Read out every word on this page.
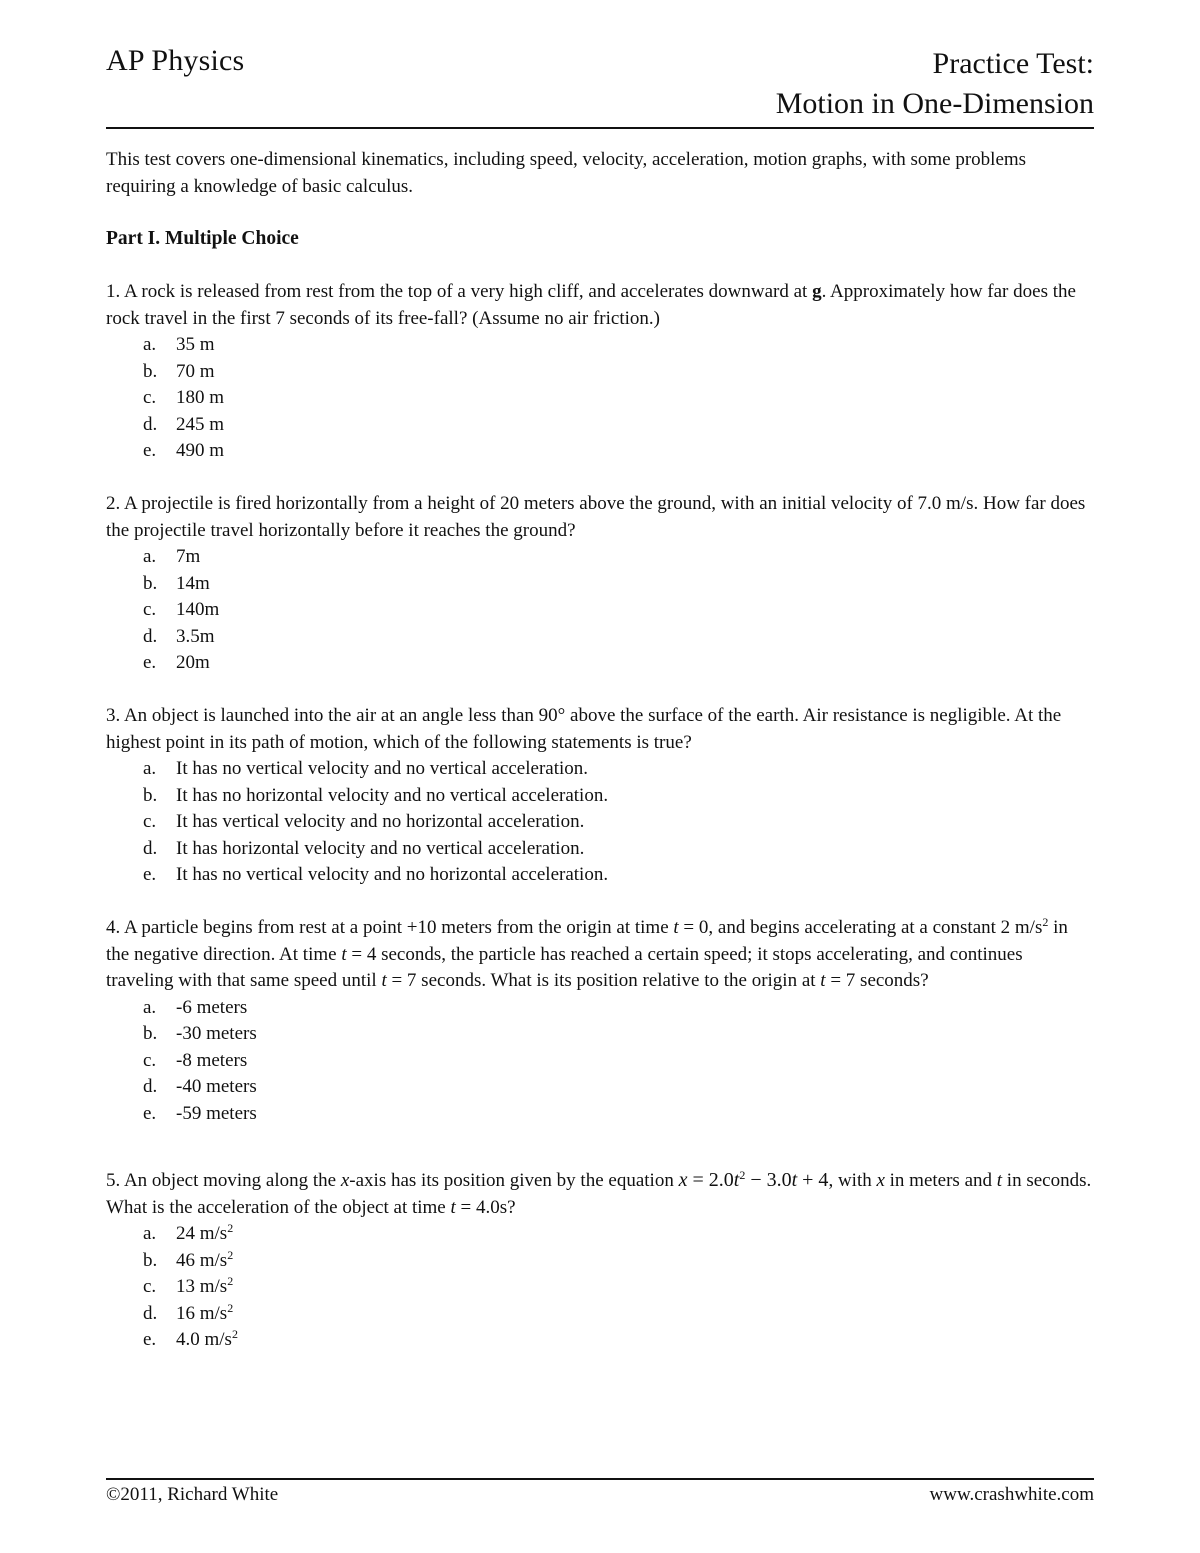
AP Physics	Practice Test:
Motion in One-Dimension

This test covers one-dimensional kinematics, including speed, velocity, acceleration, motion graphs, with some problems requiring a knowledge of basic calculus.

Part I. Multiple Choice

1. A rock is released from rest from the top of a very high cliff, and accelerates downward at g. Approximately how far does the rock travel in the first 7 seconds of its free-fall? (Assume no air friction.)

a.	35 m
b. 70 m
c.	180 m
d. 245 m
e.	490 m

2. A projectile is fired horizontally from a height of 20 meters above the ground, with an initial velocity of 7.0 m/s. How far does the projectile travel horizontally before it reaches the ground?

a.	7m
b. 14m
c.	140m
d. 3.5m
e.	20m

3. An object is launched into the air at an angle less than 90° above the surface of the earth. Air resistance is negligible. At the highest point in its path of motion, which of the following statements is true?

a.	It has no vertical velocity and no vertical acceleration.
b. It has no horizontal velocity and no vertical acceleration.
c.	It has vertical velocity and no horizontal acceleration.
d. It has horizontal velocity and no vertical acceleration.
e.	It has no vertical velocity and no horizontal acceleration.

4. A particle begins from rest at a point +10 meters from the origin at time t = 0, and begins accelerating at a constant 2 $m/s^2$ in the negative direction. At time t = 4 seconds, the particle has reached a certain speed; it stops accelerating, and continues traveling with that same speed until t = 7 seconds. What is its position relative to the origin at t = 7 seconds?

a.	-6 meters
b. -30 meters
c.	-8 meters
d. -40 meters
e.	-59 meters

5. An object moving along the x-axis has its position given by the equation $x = 2.0t^2 - 3.0t + 4$, with x in meters and t in seconds. What is the acceleration of the object at time t = 4.0s?

a.	24 $m/s^2$
b. 46 $m/s^2$
c.	13 $m/s^2$
d. 16 $m/s^2$
e.	4.0 $m/s^2$
©2011, Richard White	www.crashwhite.com
